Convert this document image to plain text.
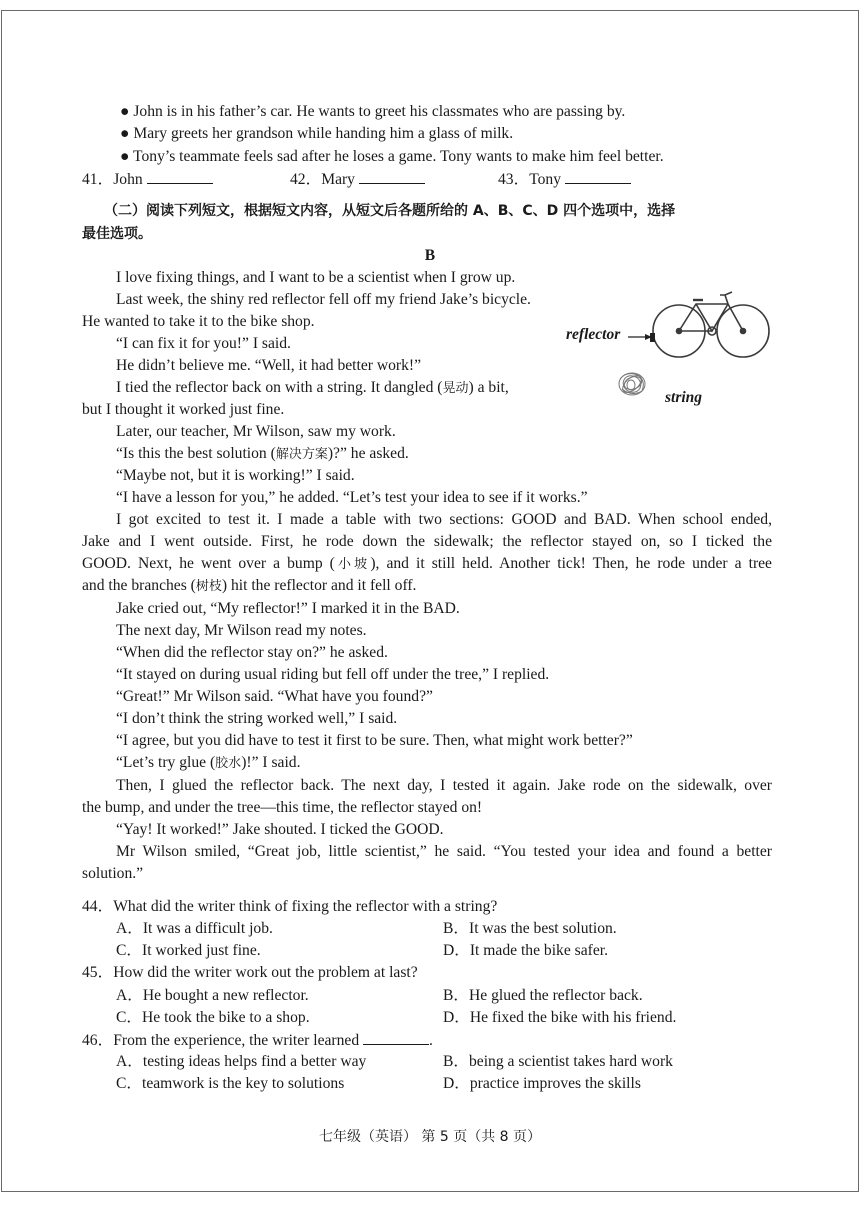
● John is in his father’s car. He wants to greet his classmates who are passing by.
● Mary greets her grandson while handing him a glass of milk.
● Tony’s teammate feels sad after he loses a game. Tony wants to make him feel better.
41．John	42．Mary	43．Tony
（二）阅读下列短文，根据短文内容，从短文后各题所给的 A、B、C、D 四个选项中，选择
最佳选项。
B
reflector
string
I love fixing things, and I want to be a scientist when I grow up.
Last week, the shiny red reflector fell off my friend Jake’s bicycle.
He wanted to take it to the bike shop.
“I can fix it for you!” I said.
He didn’t believe me. “Well, it had better work!”
I tied the reflector back on with a string. It dangled (晃动) a bit,
but I thought it worked just fine.
Later, our teacher, Mr Wilson, saw my work.
“Is this the best solution (解决方案)?” he asked.
“Maybe not, but it is working!” I said.
“I have a lesson for you,” he added. “Let’s test your idea to see if it works.”
I got excited to test it. I made a table with two sections: GOOD and BAD. When school ended,
Jake and I went outside. First, he rode down the sidewalk; the reflector stayed on, so I ticked the
GOOD. Next, he went over a bump (小坡), and it still held. Another tick! Then, he rode under a tree
and the branches (树枝) hit the reflector and it fell off.
Jake cried out, “My reflector!” I marked it in the BAD.
The next day, Mr Wilson read my notes.
“When did the reflector stay on?” he asked.
“It stayed on during usual riding but fell off under the tree,” I replied.
“Great!” Mr Wilson said. “What have you found?”
“I don’t think the string worked well,” I said.
“I agree, but you did have to test it first to be sure. Then, what might work better?”
“Let’s try glue (胶水)!” I said.
Then, I glued the reflector back. The next day, I tested it again. Jake rode on the sidewalk, over
the bump, and under the tree—this time, the reflector stayed on!
“Yay! It worked!” Jake shouted. I ticked the GOOD.
Mr Wilson smiled, “Great job, little scientist,” he said. “You tested your idea and found a better
solution.”
44．What did the writer think of fixing the reflector with a string?
A．It was a difficult job.	B．It was the best solution.
C．It worked just fine.	D．It made the bike safer.
45．How did the writer work out the problem at last?
A．He bought a new reflector.	B．He glued the reflector back.
C．He took the bike to a shop.	D．He fixed the bike with his friend.
46．From the experience, the writer learned	.
A．testing ideas helps find a better way	B．being a scientist takes hard work
C．teamwork is the key to solutions	D．practice improves the skills
七年级（英语） 第 5 页（共 8 页）
